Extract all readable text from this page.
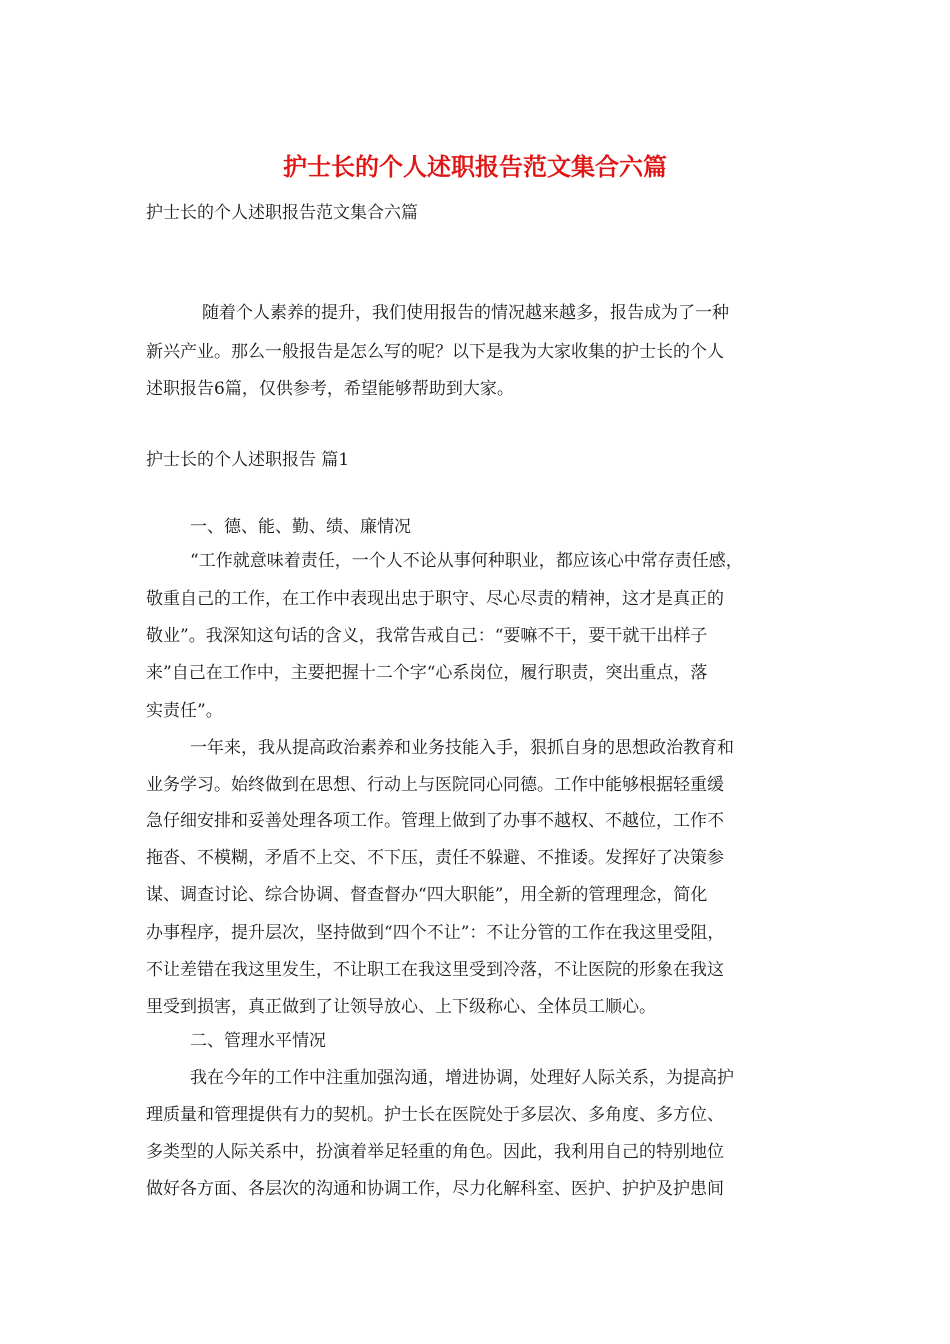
护士长的个人述职报告范文集合六篇
护士长的个人述职报告范文集合六篇
随着个人素养的提升，我们使用报告的情况越来越多，报告成为了一种
新兴产业。那么一般报告是怎么写的呢？以下是我为大家收集的护士长的个人
述职报告6篇，仅供参考，希望能够帮助到大家。
护士长的个人述职报告 篇1
一、德、能、勤、绩、廉情况
“工作就意味着责任，一个人不论从事何种职业，都应该心中常存责任感，
敬重自己的工作，在工作中表现出忠于职守、尽心尽责的精神，这才是真正的
敬业”。我深知这句话的含义，我常告戒自己：“要嘛不干，要干就干出样子
来”自己在工作中，主要把握十二个字“心系岗位，履行职责，突出重点，落
实责任”。
一年来，我从提高政治素养和业务技能入手，狠抓自身的思想政治教育和
业务学习。始终做到在思想、行动上与医院同心同德。工作中能够根据轻重缓
急仔细安排和妥善处理各项工作。管理上做到了办事不越权、不越位，工作不
拖沓、不模糊，矛盾不上交、不下压，责任不躲避、不推诿。发挥好了决策参
谋、调查讨论、综合协调、督查督办“四大职能”，用全新的管理理念，简化
办事程序，提升层次，坚持做到“四个不让”：不让分管的工作在我这里受阻，
不让差错在我这里发生，不让职工在我这里受到冷落，不让医院的形象在我这
里受到损害，真正做到了让领导放心、上下级称心、全体员工顺心。
二、管理水平情况
我在今年的工作中注重加强沟通，增进协调，处理好人际关系，为提高护
理质量和管理提供有力的契机。护士长在医院处于多层次、多角度、多方位、
多类型的人际关系中，扮演着举足轻重的角色。因此，我利用自己的特别地位
做好各方面、各层次的沟通和协调工作，尽力化解科室、医护、护护及护患间
